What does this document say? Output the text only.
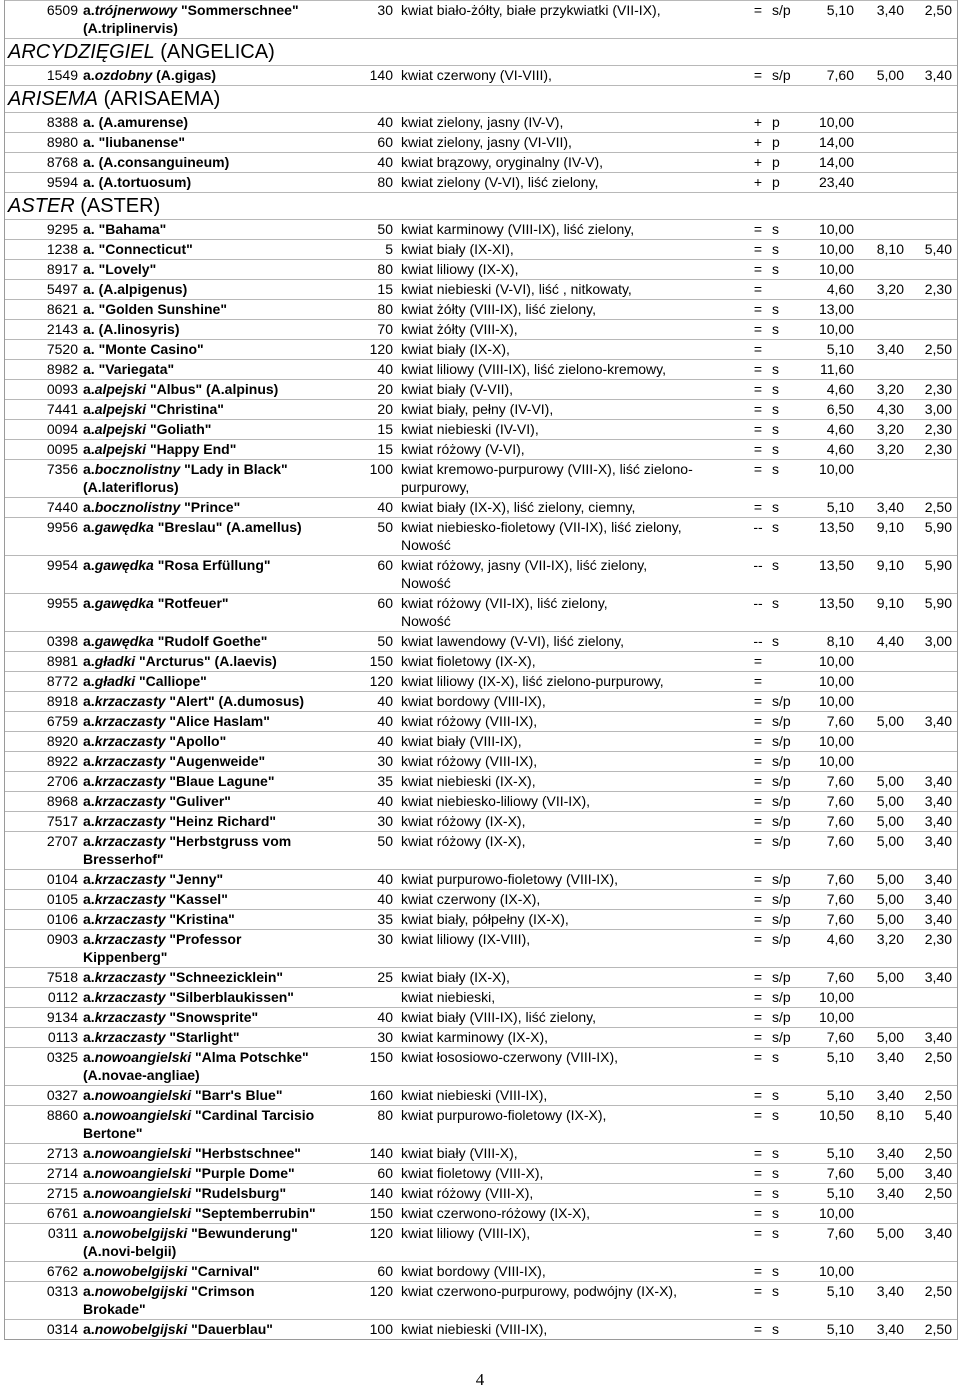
6509 a.trójnerwowy "Sommerschnee"
(A.triplinervis)
30 kwiat biało-żółty, białe przykwiatki (VII-IX),	= s/p	5,10	3,40	2,50
ARCYDZIĘGIEL (ANGELICA)
1549 a.ozdobny (A.gigas)	140 kwiat czerwony (VI-VIII),	= s/p	7,60	5,00	3,40
ARISEMA (ARISAEMA)
8388 a. (A.amurense)	40 kwiat zielony, jasny (IV-V),	+ p	10,00
8980 a. "liubanense"	60 kwiat zielony, jasny (VI-VII),	+ p	14,00
8768 a. (A.consanguineum)	40 kwiat brązowy, oryginalny (IV-V),	+ p	14,00
9594 a. (A.tortuosum)	80 kwiat zielony (V-VI), liść zielony,	+ p	23,40
ASTER (ASTER)
9295 a. "Bahama"	50 kwiat karminowy (VIII-IX), liść zielony,	= s	10,00
1238 a. "Connecticut"	5 kwiat biały (IX-XI),	= s	10,00	8,10	5,40
8917 a. "Lovely"	80 kwiat liliowy (IX-X),	= s	10,00
5497 a. (A.alpigenus)	15 kwiat niebieski (V-VI), liść , nitkowaty,	=	4,60	3,20	2,30
8621 a. "Golden Sunshine"	80 kwiat żółty (VIII-IX), liść zielony,	= s	13,00
2143 a. (A.linosyris)	70 kwiat żółty (VIII-X),	= s	10,00
7520 a. "Monte Casino"	120 kwiat biały (IX-X),	=	5,10	3,40	2,50
8982 a. "Variegata"	40 kwiat liliowy (VIII-IX), liść zielono-kremowy,	= s	11,60
0093 a.alpejski "Albus" (A.alpinus)	20 kwiat biały (V-VII),	= s	4,60	3,20	2,30
7441 a.alpejski "Christina"	20 kwiat biały, pełny (IV-VI),	= s	6,50	4,30	3,00
0094 a.alpejski "Goliath"	15 kwiat niebieski (IV-VI),	= s	4,60	3,20	2,30
0095 a.alpejski "Happy End"	15 kwiat różowy (V-VI),	= s	4,60	3,20	2,30
7356 a.bocznolistny "Lady in Black"
(A.lateriflorus)
100 kwiat kremowo-purpurowy (VIII-X), liść zielono-
purpurowy,
= s	10,00
7440 a.bocznolistny "Prince"	40 kwiat biały (IX-X), liść zielony, ciemny,	= s	5,10	3,40	2,50
9956 a.gawędka "Breslau" (A.amellus)	50 kwiat niebiesko-fioletowy (VII-IX), liść zielony,
Nowość
-- s	13,50	9,10	5,90
9954 a.gawędka "Rosa Erfüllung"	60 kwiat różowy, jasny (VII-IX), liść zielony,
Nowość
-- s	13,50	9,10	5,90
9955 a.gawędka "Rotfeuer"	60 kwiat różowy (VII-IX), liść zielony,
Nowość
-- s	13,50	9,10	5,90
0398 a.gawędka "Rudolf Goethe"	50 kwiat lawendowy (V-VI), liść zielony,	-- s	8,10	4,40	3,00
8981 a.gładki "Arcturus" (A.laevis)	150 kwiat fioletowy (IX-X),	=	10,00
8772 a.gładki "Calliope"	120 kwiat liliowy (IX-X), liść zielono-purpurowy,	=	10,00
8918 a.krzaczasty "Alert" (A.dumosus)	40 kwiat bordowy (VIII-IX),	= s/p	10,00
6759 a.krzaczasty "Alice Haslam"	40 kwiat różowy (VIII-IX),	= s/p	7,60	5,00	3,40
8920 a.krzaczasty "Apollo"	40 kwiat biały (VIII-IX),	= s/p	10,00
8922 a.krzaczasty "Augenweide"	30 kwiat różowy (VIII-IX),	= s/p	10,00
2706 a.krzaczasty "Blaue Lagune"	35 kwiat niebieski (IX-X),	= s/p	7,60	5,00	3,40
8968 a.krzaczasty "Guliver"	40 kwiat niebiesko-liliowy (VII-IX),	= s/p	7,60	5,00	3,40
7517 a.krzaczasty "Heinz Richard"	30 kwiat różowy (IX-X),	= s/p	7,60	5,00	3,40
2707 a.krzaczasty "Herbstgruss vom
Bresserhof"
50 kwiat różowy (IX-X),	= s/p	7,60	5,00	3,40
0104 a.krzaczasty "Jenny"	40 kwiat purpurowo-fioletowy (VIII-IX),	= s/p	7,60	5,00	3,40
0105 a.krzaczasty "Kassel"	40 kwiat czerwony (IX-X),	= s/p	7,60	5,00	3,40
0106 a.krzaczasty "Kristina"	35 kwiat biały, półpełny (IX-X),	= s/p	7,60	5,00	3,40
0903 a.krzaczasty "Professor
Kippenberg"
30 kwiat liliowy (IX-VIII),	= s/p	4,60	3,20	2,30
7518 a.krzaczasty "Schneezicklein"	25 kwiat biały (IX-X),	= s/p	7,60	5,00	3,40
0112 a.krzaczasty "Silberblaukissen"	kwiat niebieski,	= s/p	10,00
9134 a.krzaczasty "Snowsprite"	40 kwiat biały (VIII-IX), liść zielony,	= s/p	10,00
0113 a.krzaczasty "Starlight"	30 kwiat karminowy (IX-X),	= s/p	7,60	5,00	3,40
0325 a.nowoangielski "Alma Potschke"
(A.novae-angliae)
150 kwiat łososiowo-czerwony (VIII-IX),	= s	5,10	3,40	2,50
0327 a.nowoangielski "Barr's Blue"	160 kwiat niebieski (VIII-IX),	= s	5,10	3,40	2,50
8860 a.nowoangielski "Cardinal Tarcisio
Bertone"
80 kwiat purpurowo-fioletowy (IX-X),	= s	10,50	8,10	5,40
2713 a.nowoangielski "Herbstschnee"	140 kwiat biały (VIII-X),	= s	5,10	3,40	2,50
2714 a.nowoangielski "Purple Dome"	60 kwiat fioletowy (VIII-X),	= s	7,60	5,00	3,40
2715 a.nowoangielski "Rudelsburg"	140 kwiat różowy (VIII-X),	= s	5,10	3,40	2,50
6761 a.nowoangielski "Septemberrubin"	150 kwiat czerwono-różowy (IX-X),	= s	10,00
0311 a.nowobelgijski "Bewunderung"
(A.novi-belgii)
120 kwiat liliowy (VIII-IX),	= s	7,60	5,00	3,40
6762 a.nowobelgijski "Carnival"	60 kwiat bordowy (VIII-IX),	= s	10,00
0313 a.nowobelgijski "Crimson
Brokade"
120 kwiat czerwono-purpurowy, podwójny (IX-X),	= s	5,10	3,40	2,50
0314 a.nowobelgijski "Dauerblau"	100 kwiat niebieski (VIII-IX),	= s	5,10	3,40	2,50
4
